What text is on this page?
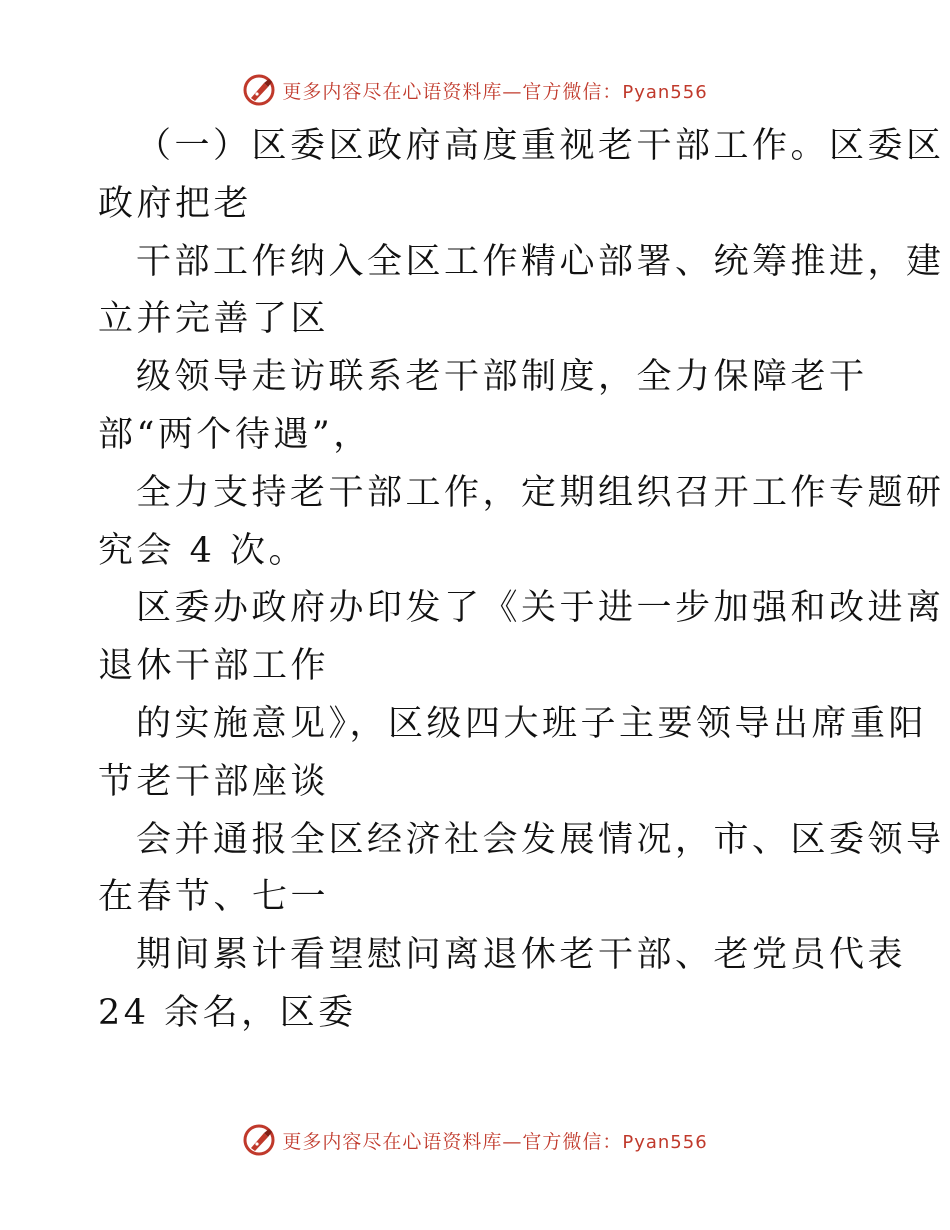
更多内容尽在心语资料库—官方微信：Pyan556
（一）区委区政府高度重视老干部工作。区委区
政府把老
干部工作纳入全区工作精心部署、统筹推进，建
立并完善了区
级领导走访联系老干部制度，全力保障老干
部“两个待遇”，
全力支持老干部工作，定期组织召开工作专题研
究会 4 次。
区委办政府办印发了《关于进一步加强和改进离
退休干部工作
的实施意见》，区级四大班子主要领导出席重阳
节老干部座谈
会并通报全区经济社会发展情况，市、区委领导
在春节、七一
期间累计看望慰问离退休老干部、老党员代表
24 余名，区委
更多内容尽在心语资料库—官方微信：Pyan556
